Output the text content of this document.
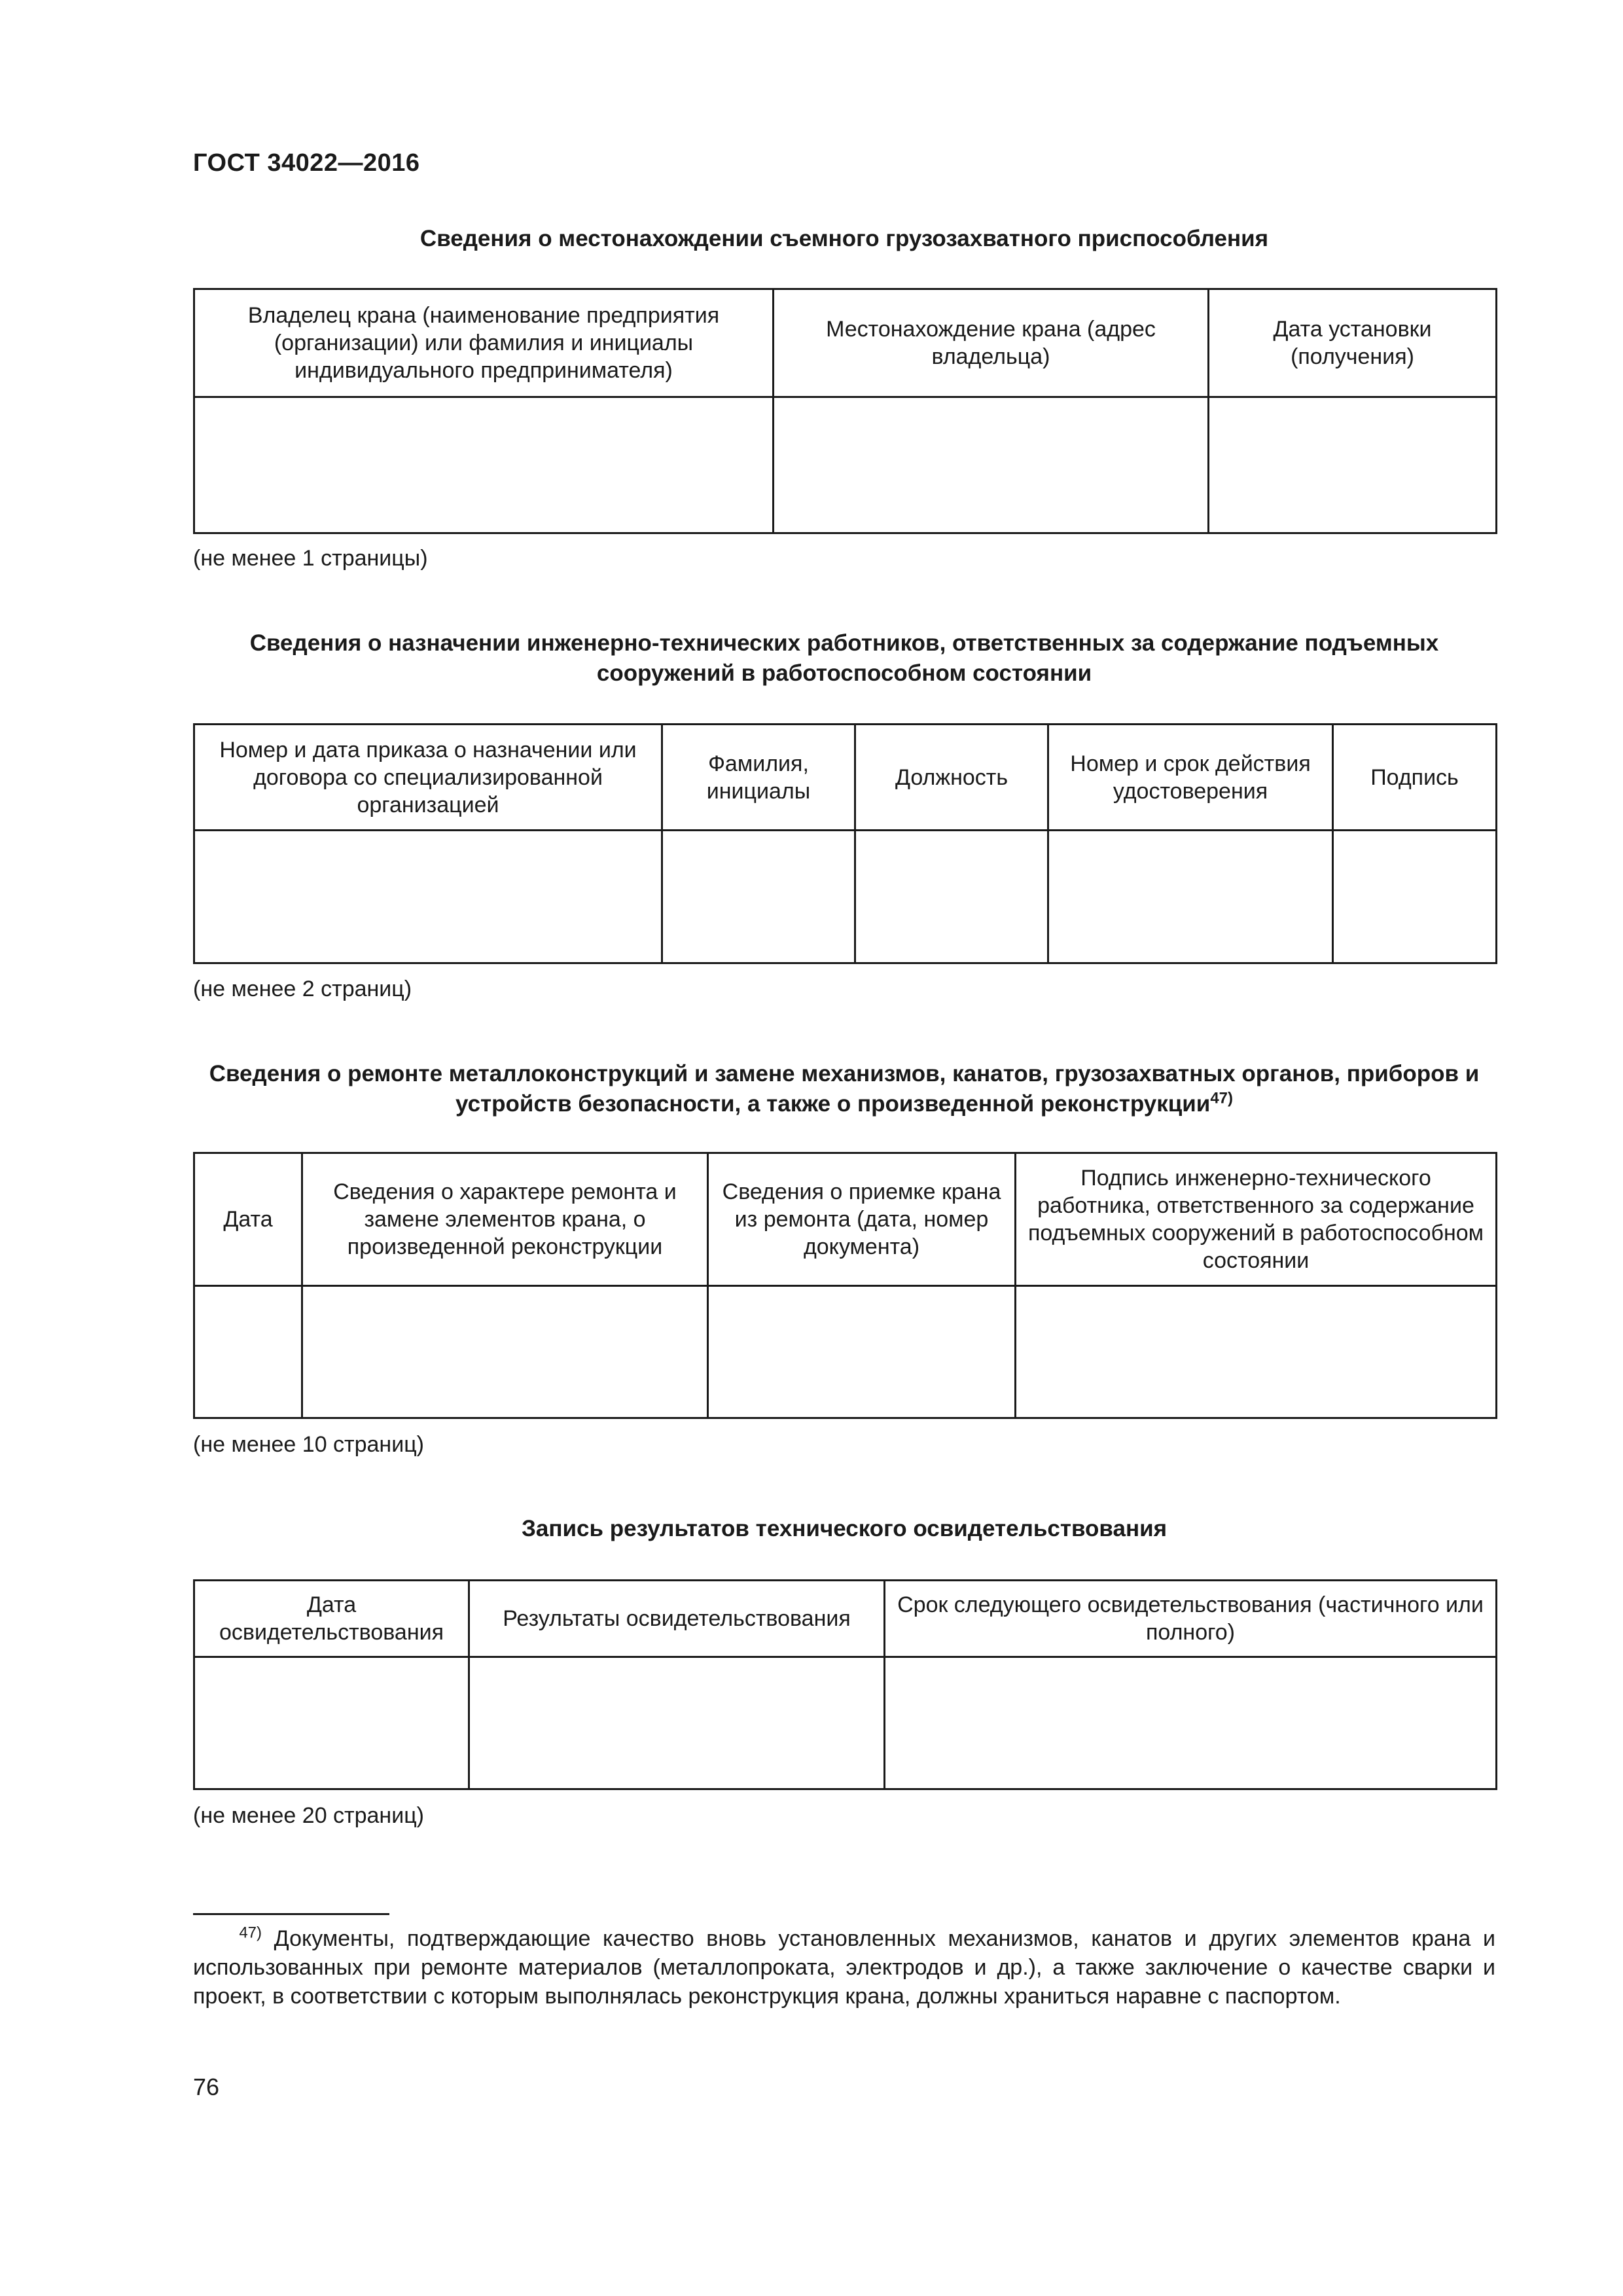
ГОСТ 34022—2016
Сведения о местонахождении съемного грузозахватного приспособления
Владелец крана (наименование предприятия (организации) или фамилия и инициалы индивидуального предпринимателя)	Местонахождение крана (адрес владельца)	Дата установки (получения)

(не менее 1 страницы)
Сведения о назначении инженерно-технических работников, ответственных за содержание подъемных сооружений в работоспособном состоянии
Номер и дата приказа о назначении или договора со специализированной организацией	Фамилия, инициалы	Должность	Номер и срок действия удостоверения	Подпись

(не менее 2 страниц)
Сведения о ремонте металлоконструкций и замене механизмов, канатов, грузозахватных органов, приборов и устройств безопасности, а также о произведенной реконструкции$^{47)}$
Дата	Сведения о характере ремонта и замене элементов крана, о произведенной реконструкции	Сведения о приемке крана из ремонта (дата, номер документа)	Подпись инженерно-технического работника, ответственного за содержание подъемных сооружений в работоспособном состоянии

(не менее 10 страниц)
Запись результатов технического освидетельствования
Дата освидетельствования	Результаты освидетельствования	Срок следующего освидетельствования (частичного или полного)

(не менее 20 страниц)
$^{47)}$ Документы, подтверждающие качество вновь установленных механизмов, канатов и других элементов крана и использованных при ремонте материалов (металлопроката, электродов и др.), а также заключение о качестве сварки и проект, в соответствии с которым выполнялась реконструкция крана, должны храниться наравне с паспортом.
76
